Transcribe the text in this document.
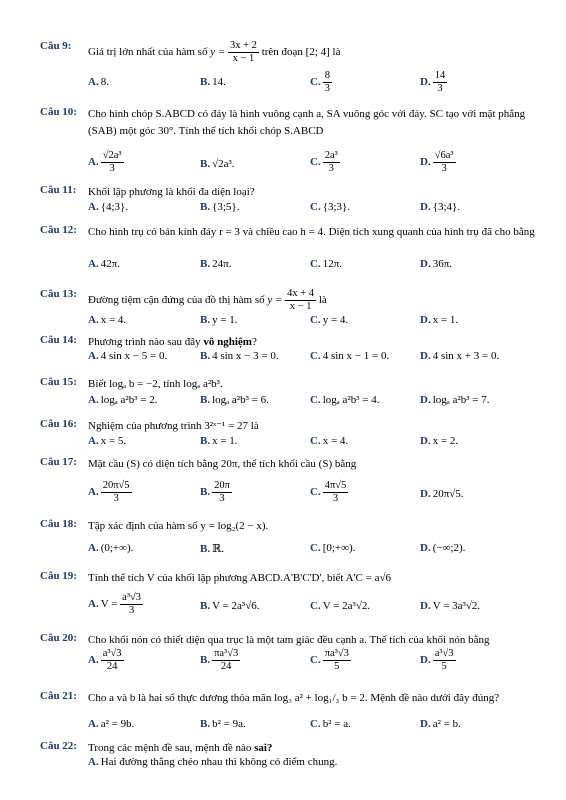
Câu 9:
Giá trị lớn nhất của hàm số $y = \frac{3x + 2}{x - 1}$ trên đoạn [2; 4] là
A. 8.	B. 14.	C. $\frac{8}{3}$	D. $\frac{14}{3}$
Câu 10: Cho hình chóp S.ABCD có đáy là hình vuông cạnh a, SA vuông góc với đáy. SC tạo với mặt phẳng (SAB) một góc 30°. Tính thể tích khối chóp S.ABCD
A. $\frac{\text{√2a³}}{3}$	B. √2a³.	C. $\frac{\text{2a³}}{3}$	D. $\frac{\text{√6a³}}{3}$
Câu 11: Khối lập phương là khối đa diện loại?
A. {4;3}.	B. {3;5}.	C. {3;3}.	D. {3;4}.
Câu 12: Cho hình trụ có bán kính đáy r = 3 và chiều cao h = 4. Diện tích xung quanh của hình trụ đã cho bằng
A. 42π.	B. 24π.	C. 12π.	D. 36π.
Câu 13:
Đường tiệm cận đứng của đồ thị hàm số $y = \frac{4x + 4}{x - 1}$ là
A. x = 4.	B. y = 1.	C. y = 4.	D. x = 1.
Câu 14: Phương trình nào sau đây vô nghiệm?
A. 4 sin x − 5 = 0.	B. 4 sin x − 3 = 0.	C. 4 sin x − 1 = 0.	D. 4 sin x + 3 = 0.
Câu 15: Biết logₐ b = −2, tính logₐ a²b³.
A. logₐ a²b³ = 2.	B. logₐ a²b³ = 6.	C. logₐ a²b³ = 4.	D. logₐ a²b³ = 7.
Câu 16: Nghiệm của phương trình 3²ˣ⁻¹ = 27 là
A. x = 5.	B. x = 1.	C. x = 4.	D. x = 2.
Câu 17: Mặt cầu (S) có diện tích bằng 20π, thể tích khối cầu (S) bằng
A. $\frac{20\pi√5}{3}$	B. $\frac{20\pi}{3}$	C. $\frac{4\pi√5}{3}$	D. 20π√5.
Câu 18: Tập xác định của hàm số y = log₂(2 − x).
A. (0;+∞).	B. ℝ.	C. [0;+∞).	D. (−∞;2).
Câu 19: Tính thể tích V của khối lập phương ABCD.A'B'C'D', biết A'C = a√6
A. $V = \frac{\text{a³√3}}{3}$	B. V = 2a³√6.	C. V = 2a³√2.	D. V = 3a³√2.
Câu 20: Cho khối nón có thiết diện qua trục là một tam giác đều cạnh a. Thể tích của khối nón bằng
A. $\frac{\text{a³√3}}{24}$	B. $\frac{\text{πa³√3}}{24}$	C. $\frac{\text{πa³√3}}{5}$	D. $\frac{\text{a³√3}}{5}$
Câu 21: Cho a và b là hai số thực dương thỏa mãn log₃ a² + log₁/₃ b = 2. Mệnh đề nào dưới đây đúng?
A. a² = 9b.	B. b² = 9a.	C. b² = a.	D. a² = b.
Câu 22: Trong các mệnh đề sau, mệnh đề nào sai?
A. Hai đường thẳng chéo nhau thì không có điểm chung.
